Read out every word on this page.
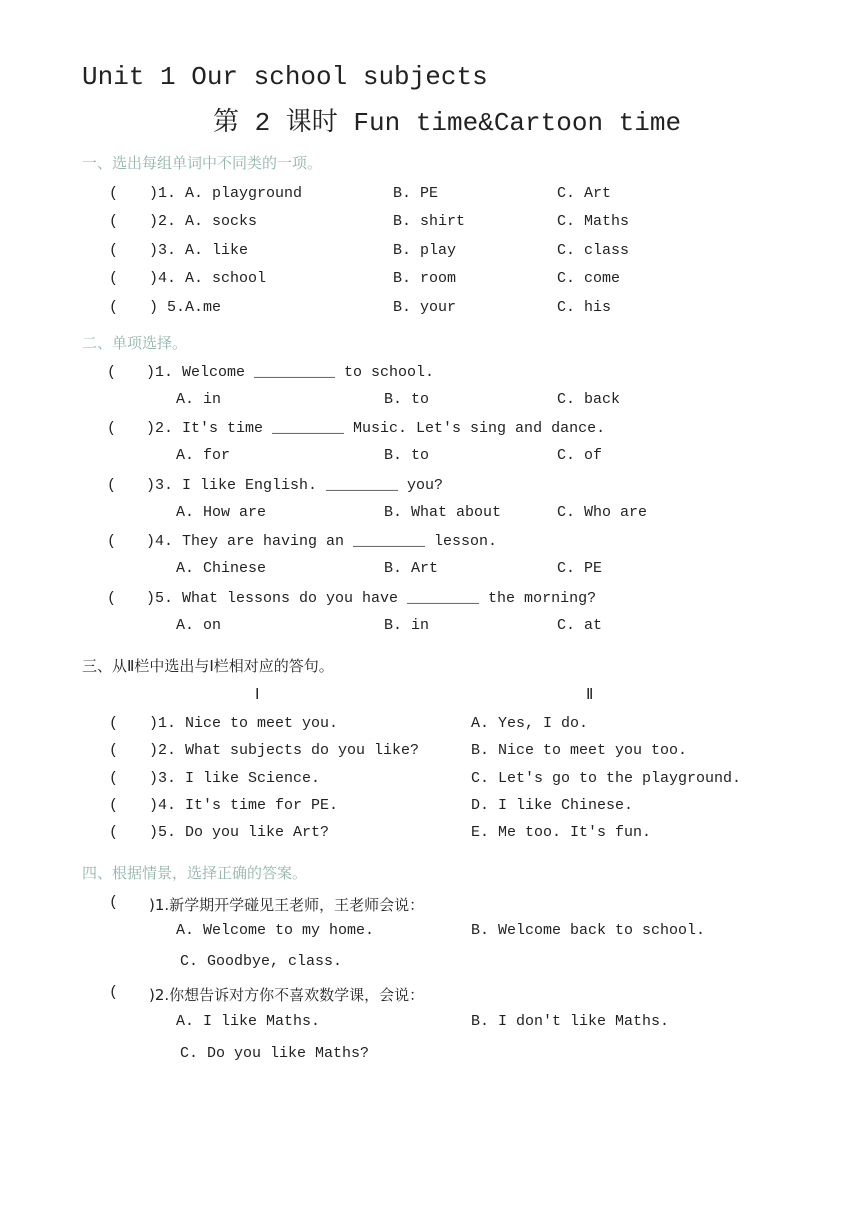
Unit 1 Our school subjects
第 2 课时 Fun time&Cartoon time
一、选出每组单词中不同类的一项。
( )1. A. playground	B. PE	C. Art
( )2. A. socks	B. shirt	C. Maths
( )3. A. like	B. play	C. class
( )4. A. school	B. room	C. come
( ) 5.A.me	B. your	C. his
二、单项选择。
( )1. Welcome _________ to school.
A. in	B. to	C. back
( )2. It's time ________ Music. Let's sing and dance.
A. for	B. to	C. of
( )3. I like English. ________ you?
A. How are	B. What about	C. Who are
( )4. They are having an ________ lesson.
A. Chinese	B. Art	C. PE
( )5. What lessons do you have ________ the morning?
A. on	B. in	C. at
三、从Ⅱ栏中选出与Ⅰ栏相对应的答句。
Ⅰ	Ⅱ
( )1. Nice to meet you.	A. Yes, I do.
( )2. What subjects do you like?	B. Nice to meet you too.
( )3. I like Science.	C. Let's go to the playground.
( )4. It's time for PE.	D. I like Chinese.
( )5. Do you like Art?	E. Me too. It's fun.
四、根据情景，选择正确的答案。
( )1.新学期开学碰见王老师，王老师会说：
A. Welcome to my home.	B. Welcome back to school.
C. Goodbye, class.
( )2.你想告诉对方你不喜欢数学课，会说：
A. I like Maths.	B. I don't like Maths.
C. Do you like Maths?
